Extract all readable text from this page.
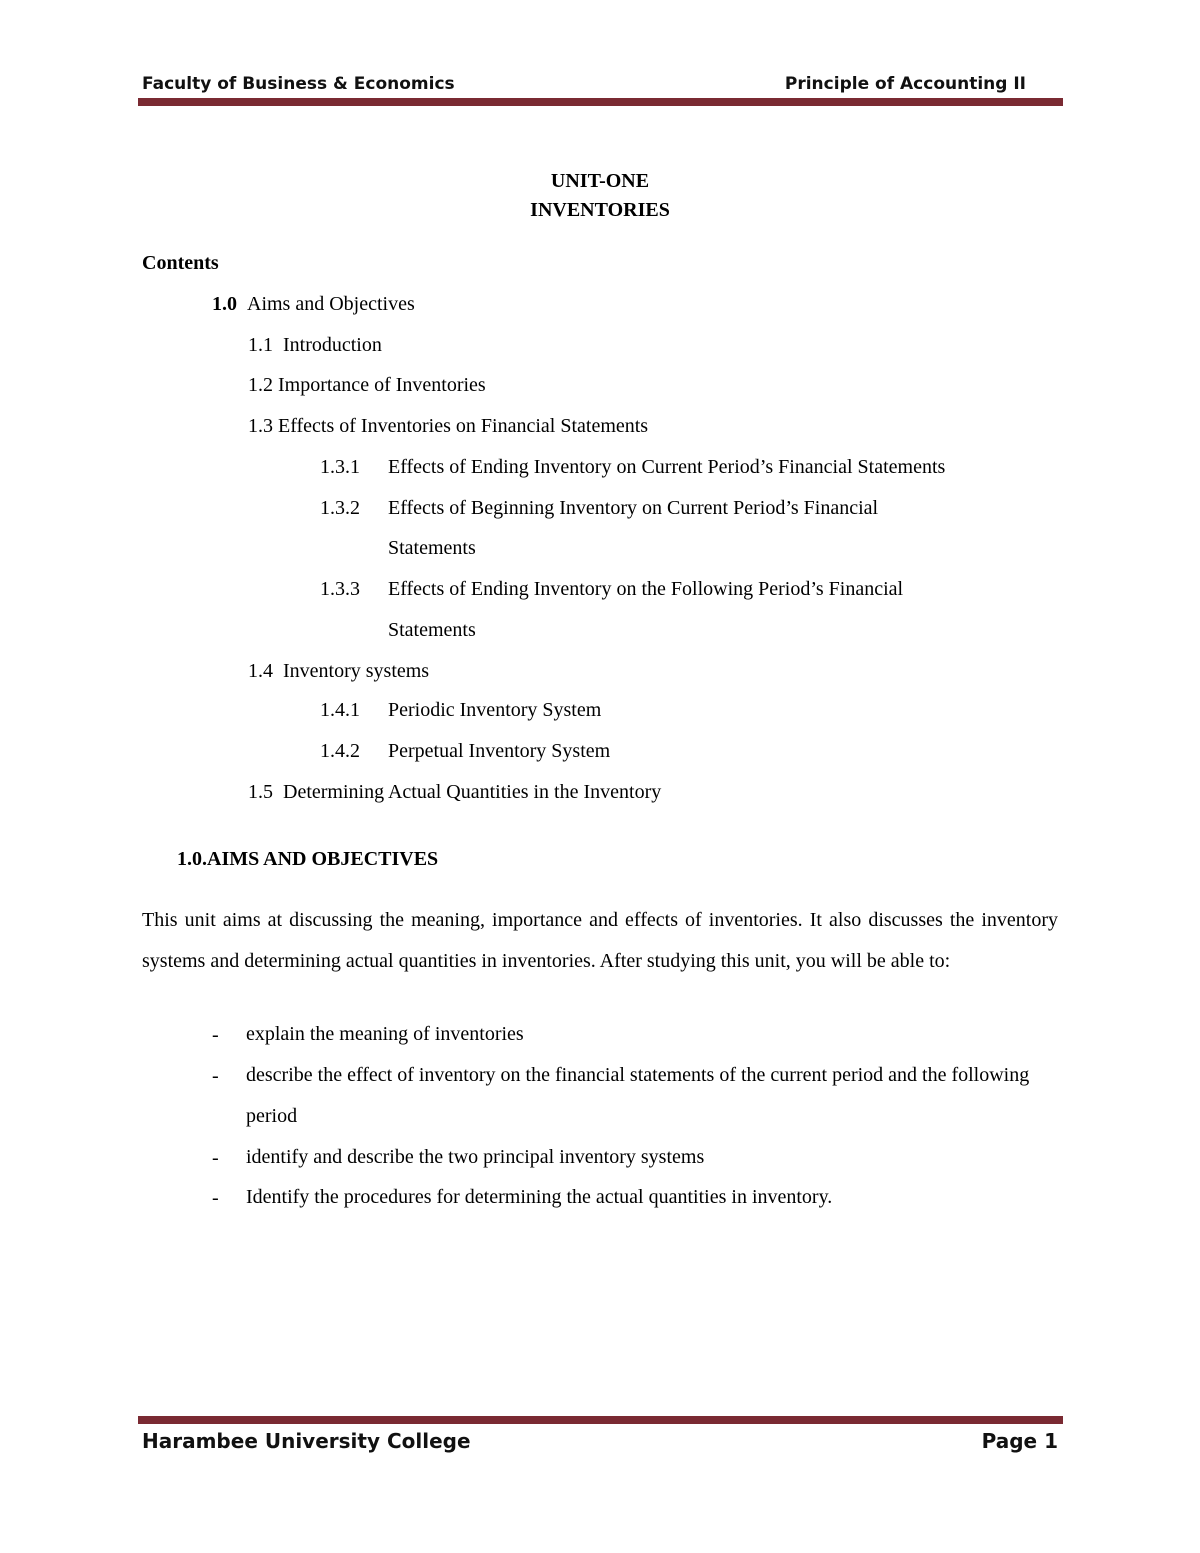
Faculty of Business & Economics	Principle of Accounting II
UNIT-ONE
INVENTORIES
Contents
1.0 Aims and Objectives
1.1 Introduction
1.2 Importance of Inventories
1.3 Effects of Inventories on Financial Statements
1.3.1 Effects of Ending Inventory on Current Period’s Financial Statements
1.3.2 Effects of Beginning Inventory on Current Period’s Financial
Statements
1.3.3 Effects of Ending Inventory on the Following Period’s Financial
Statements
1.4 Inventory systems
1.4.1 Periodic Inventory System
1.4.2 Perpetual Inventory System
1.5 Determining Actual Quantities in the Inventory
1.0.AIMS AND OBJECTIVES

This unit aims at discussing the meaning, importance and effects of inventories. It also discusses the inventory systems and determining actual quantities in inventories. After studying this unit, you will be able to:

- explain the meaning of inventories
- describe the effect of inventory on the financial statements of the current period and the following period
- identify and describe the two principal inventory systems
- Identify the procedures for determining the actual quantities in inventory.
Harambee University College	Page 1
